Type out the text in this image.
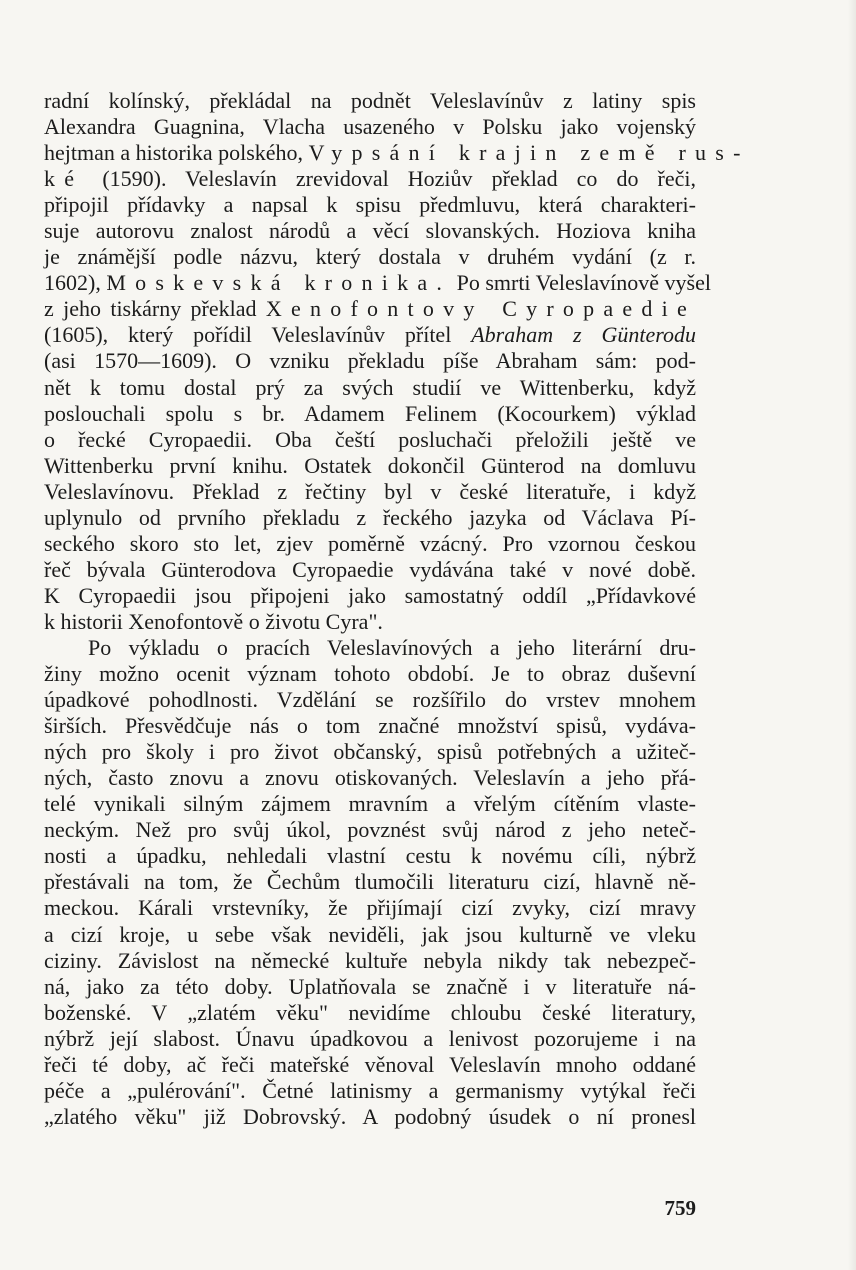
radní kolínský, překládal na podnět Veleslavínův z latiny spis
Alexandra Guagnina, Vlacha usazeného v Polsku jako vojenský
hejtman a historika polského, Vypsání krajin země rus-
ké (1590). Veleslavín zrevidoval Hoziův překlad co do řeči,
připojil přídavky a napsal k spisu předmluvu, která charakteri-
suje autorovu znalost národů a věcí slovanských. Hoziova kniha
je známější podle názvu, který dostala v druhém vydání (z r.
1602), Moskevská kronika. Po smrti Veleslavínově vyšel
z jeho tiskárny překlad Xenofontovy Cyropaedie
(1605), který pořídil Veleslavínův přítel Abraham z Günterodu
(asi 1570—1609). O vzniku překladu píše Abraham sám: pod-
nět k tomu dostal prý za svých studií ve Wittenberku, když
poslouchali spolu s br. Adamem Felinem (Kocourkem) výklad
o řecké Cyropaedii. Oba čeští posluchači přeložili ještě ve
Wittenberku první knihu. Ostatek dokončil Günterod na domluvu
Veleslavínovu. Překlad z řečtiny byl v české literatuře, i když
uplynulo od prvního překladu z řeckého jazyka od Václava Pí-
seckého skoro sto let, zjev poměrně vzácný. Pro vzornou českou
řeč bývala Günterodova Cyropaedie vydávána také v nové době.
K Cyropaedii jsou připojeni jako samostatný oddíl „Přídavkové
k historii Xenofontově o životu Cyra".
Po výkladu o pracích Veleslavínových a jeho literární dru-
žiny možno ocenit význam tohoto období. Je to obraz duševní
úpadkové pohodlnosti. Vzdělání se rozšířilo do vrstev mnohem
širších. Přesvědčuje nás o tom značné množství spisů, vydáva-
ných pro školy i pro život občanský, spisů potřebných a užiteč-
ných, často znovu a znovu otiskovaných. Veleslavín a jeho přá-
telé vynikali silným zájmem mravním a vřelým cítěním vlaste-
neckým. Než pro svůj úkol, povznést svůj národ z jeho neteč-
nosti a úpadku, nehledali vlastní cestu k novému cíli, nýbrž
přestávali na tom, že Čechům tlumočili literaturu cizí, hlavně ně-
meckou. Kárali vrstevníky, že přijímají cizí zvyky, cizí mravy
a cizí kroje, u sebe však neviděli, jak jsou kulturně ve vleku
ciziny. Závislost na německé kultuře nebyla nikdy tak nebezpeč-
ná, jako za této doby. Uplatňovala se značně i v literatuře ná-
boženské. V „zlatém věku" nevidíme chloubu české literatury,
nýbrž její slabost. Únavu úpadkovou a lenivost pozorujeme i na
řeči té doby, ač řeči mateřské věnoval Veleslavín mnoho oddané
péče a „pulérování". Četné latinismy a germanismy vytýkal řeči
„zlatého věku" již Dobrovský. A podobný úsudek o ní pronesl
759
